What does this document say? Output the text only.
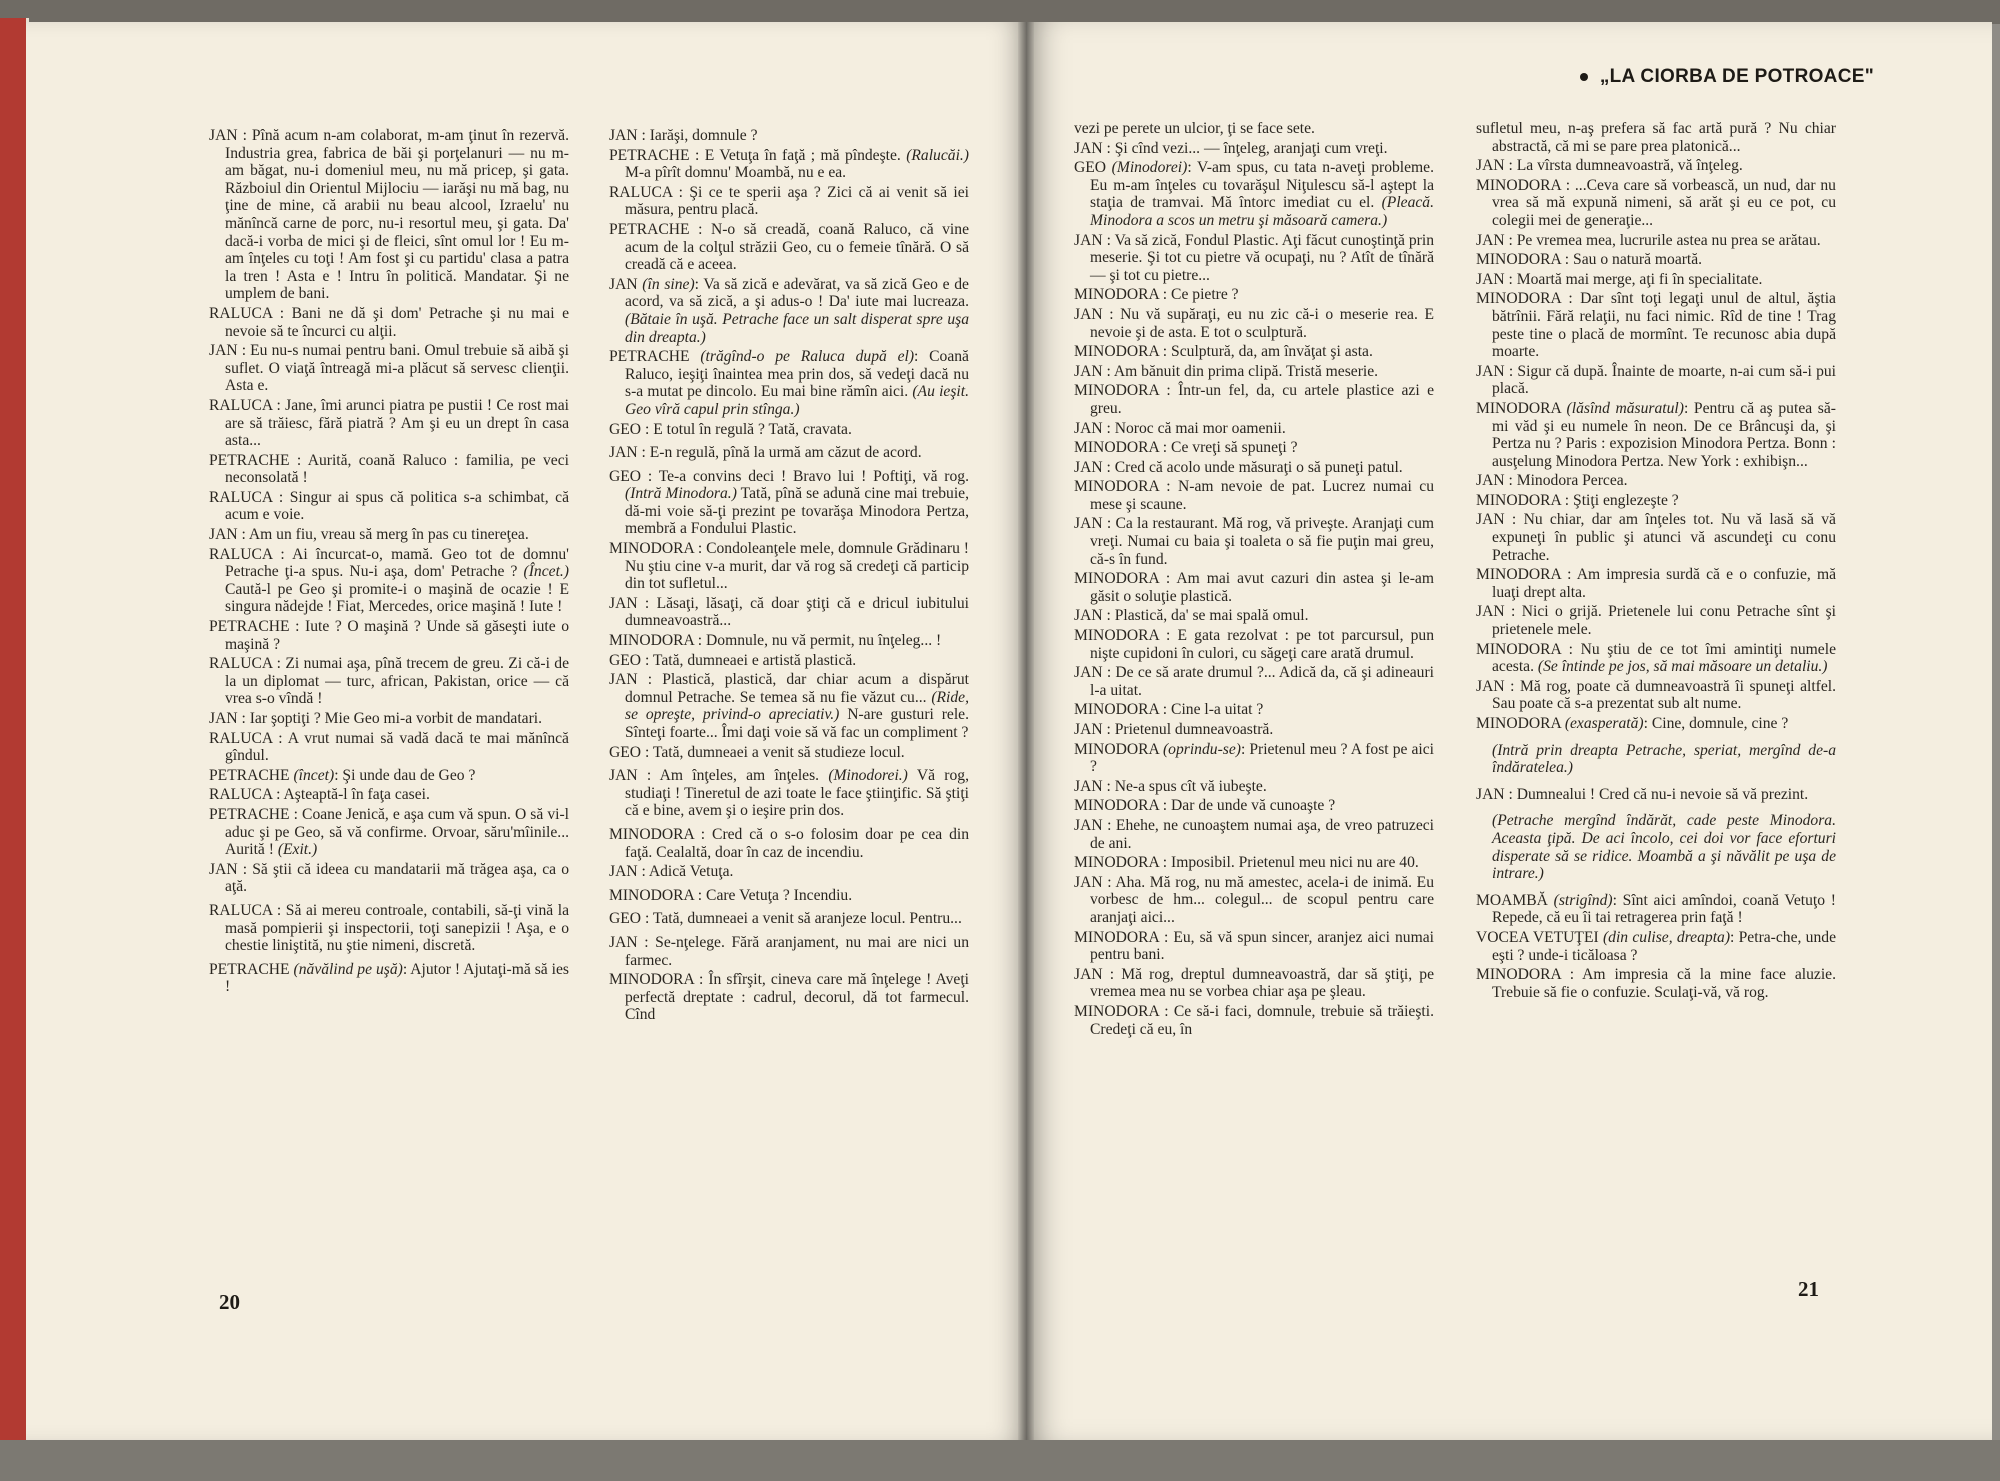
„LA CIORBA DE POTROACE"

JAN : Pînă acum n-am colaborat, m-am ţinut în rezervă. Industria grea, fabrica de băi şi porţelanuri — nu m-am băgat, nu-i domeniul meu, nu mă pricep, şi gata. Războiul din Orientul Mijlociu — iarăşi nu mă bag, nu ţine de mine, că arabii nu beau alcool, Izraelu' nu mănîncă carne de porc, nu-i resortul meu, şi gata. Da' dacă-i vorba de mici şi de fleici, sînt omul lor ! Eu m-am înţeles cu toţi ! Am fost şi cu partidu' clasa a patra la tren ! Asta e ! Intru în politică. Mandatar. Şi ne umplem de bani.

RALUCA : Bani ne dă şi dom' Petrache şi nu mai e nevoie să te încurci cu alţii.

JAN : Eu nu-s numai pentru bani. Omul trebuie să aibă şi suflet. O viaţă întreagă mi-a plăcut să servesc clienţii. Asta e.

RALUCA : Jane, îmi arunci piatra pe pustii ! Ce rost mai are să trăiesc, fără piatră ? Am şi eu un drept în casa asta...

PETRACHE : Aurită, coană Raluco : familia, pe veci neconsolată !

RALUCA : Singur ai spus că politica s-a schimbat, că acum e voie.

JAN : Am un fiu, vreau să merg în pas cu tinereţea.

RALUCA : Ai încurcat-o, mamă. Geo tot de domnu' Petrache ţi-a spus. Nu-i aşa, dom' Petrache ? (Încet.) Caută-l pe Geo şi promite-i o maşină de ocazie ! E singura nădejde ! Fiat, Mercedes, orice maşină ! Iute !

PETRACHE : Iute ? O maşină ? Unde să găseşti iute o maşină ?

RALUCA : Zi numai aşa, pînă trecem de greu. Zi că-i de la un diplomat — turc, african, Pakistan, orice — că vrea s-o vîndă !

JAN : Iar şoptiţi ? Mie Geo mi-a vorbit de mandatari.

RALUCA : A vrut numai să vadă dacă te mai mănîncă gîndul.

PETRACHE (încet): Şi unde dau de Geo ?

RALUCA : Aşteaptă-l în faţa casei.

PETRACHE : Coane Jenică, e aşa cum vă spun. O să vi-l aduc şi pe Geo, să vă confirme. Orvoar, săru'mîinile... Aurită ! (Exit.)

JAN : Să ştii că ideea cu mandatarii mă trăgea aşa, ca o aţă.

RALUCA : Să ai mereu controale, contabili, să-ţi vină la masă pompierii şi inspectorii, toţi sanepizii ! Aşa, e o chestie liniştită, nu ştie nimeni, discretă.

PETRACHE (năvălind pe uşă): Ajutor ! Ajutaţi-mă să ies !

JAN : Iarăşi, domnule ?

PETRACHE : E Vetuţa în faţă ; mă pîndeşte. (Ralucăi.) M-a pîrît domnu' Moambă, nu e ea.

RALUCA : Şi ce te sperii aşa ? Zici că ai venit să iei măsura, pentru placă.

PETRACHE : N-o să creadă, coană Raluco, că vine acum de la colţul străzii Geo, cu o femeie tînără. O să creadă că e aceea.

JAN (în sine): Va să zică e adevărat, va să zică Geo e de acord, va să zică, a şi adus-o ! Da' iute mai lucreaza. (Bătaie în uşă. Petrache face un salt disperat spre uşa din dreapta.)

PETRACHE (trăgînd-o pe Raluca după el): Coană Raluco, ieşiţi înaintea mea prin dos, să vedeţi dacă nu s-a mutat pe dincolo. Eu mai bine rămîn aici. (Au ieşit. Geo vîră capul prin stînga.)

GEO : E totul în regulă ? Tată, cravata.

JAN : E-n regulă, pînă la urmă am căzut de acord.

GEO : Te-a convins deci ! Bravo lui ! Poftiţi, vă rog. (Intră Minodora.) Tată, pînă se adună cine mai trebuie, dă-mi voie să-ţi prezint pe tovarăşa Minodora Pertza, membră a Fondului Plastic.

MINODORA : Condoleanţele mele, domnule Grădinaru ! Nu ştiu cine v-a murit, dar vă rog să credeţi că particip din tot sufletul...

JAN : Lăsaţi, lăsaţi, că doar ştiţi că e dricul iubitului dumneavoastră...

MINODORA : Domnule, nu vă permit, nu înţeleg... !

GEO : Tată, dumneaei e artistă plastică.

JAN : Plastică, plastică, dar chiar acum a dispărut domnul Petrache. Se temea să nu fie văzut cu... (Ride, se opreşte, privind-o apreciativ.) N-are gusturi rele. Sînteţi foarte... Îmi daţi voie să vă fac un compliment ?

GEO : Tată, dumneaei a venit să studieze locul.

JAN : Am înţeles, am înţeles. (Minodorei.) Vă rog, studiaţi ! Tineretul de azi toate le face ştiinţific. Să ştiţi că e bine, avem şi o ieşire prin dos.

MINODORA : Cred că o s-o folosim doar pe cea din faţă. Cealaltă, doar în caz de incendiu.

JAN : Adică Vetuţa.

MINODORA : Care Vetuţa ? Incendiu.

GEO : Tată, dumneaei a venit să aranjeze locul. Pentru...

JAN : Se-nţelege. Fără aranjament, nu mai are nici un farmec.

MINODORA : În sfîrşit, cineva care mă înţelege ! Aveţi perfectă dreptate : cadrul, decorul, dă tot farmecul. Cînd

vezi pe perete un ulcior, ţi se face sete.

JAN : Şi cînd vezi... — înţeleg, aranjaţi cum vreţi.

GEO (Minodorei): V-am spus, cu tata n-aveţi probleme. Eu m-am înţeles cu tovarăşul Niţulescu să-l aştept la staţia de tramvai. Mă întorc imediat cu el. (Pleacă. Minodora a scos un metru şi măsoară camera.)

JAN : Va să zică, Fondul Plastic. Aţi făcut cunoştinţă prin meserie. Şi tot cu pietre vă ocupaţi, nu ? Atît de tînără — şi tot cu pietre...

MINODORA : Ce pietre ?

JAN : Nu vă supăraţi, eu nu zic că-i o meserie rea. E nevoie şi de asta. E tot o sculptură.

MINODORA : Sculptură, da, am învăţat şi asta.

JAN : Am bănuit din prima clipă. Tristă meserie.

MINODORA : Într-un fel, da, cu artele plastice azi e greu.

JAN : Noroc că mai mor oamenii.

MINODORA : Ce vreţi să spuneţi ?

JAN : Cred că acolo unde măsuraţi o să puneţi patul.

MINODORA : N-am nevoie de pat. Lucrez numai cu mese şi scaune.

JAN : Ca la restaurant. Mă rog, vă priveşte. Aranjaţi cum vreţi. Numai cu baia şi toaleta o să fie puţin mai greu, că-s în fund.

MINODORA : Am mai avut cazuri din astea şi le-am găsit o soluţie plastică.

JAN : Plastică, da' se mai spală omul.

MINODORA : E gata rezolvat : pe tot parcursul, pun nişte cupidoni în culori, cu săgeţi care arată drumul.

JAN : De ce să arate drumul ?... Adică da, că şi adineauri l-a uitat.

MINODORA : Cine l-a uitat ?

JAN : Prietenul dumneavoastră.

MINODORA (oprindu-se): Prietenul meu ? A fost pe aici ?

JAN : Ne-a spus cît vă iubeşte.

MINODORA : Dar de unde vă cunoaşte ?

JAN : Ehehe, ne cunoaştem numai aşa, de vreo patruzeci de ani.

MINODORA : Imposibil. Prietenul meu nici nu are 40.

JAN : Aha. Mă rog, nu mă amestec, acela-i de inimă. Eu vorbesc de hm... colegul... de scopul pentru care aranjaţi aici...

MINODORA : Eu, să vă spun sincer, aranjez aici numai pentru bani.

JAN : Mă rog, dreptul dumneavoastră, dar să ştiţi, pe vremea mea nu se vorbea chiar aşa pe şleau.

MINODORA : Ce să-i faci, domnule, trebuie să trăieşti. Credeţi că eu, în

sufletul meu, n-aş prefera să fac artă pură ? Nu chiar abstractă, că mi se pare prea platonică...

JAN : La vîrsta dumneavoastră, vă înţeleg.

MINODORA : ...Ceva care să vorbească, un nud, dar nu vrea să mă expună nimeni, să arăt şi eu ce pot, cu colegii mei de generaţie...

JAN : Pe vremea mea, lucrurile astea nu prea se arătau.

MINODORA : Sau o natură moartă.

JAN : Moartă mai merge, aţi fi în specialitate.

MINODORA : Dar sînt toţi legaţi unul de altul, ăştia bătrînii. Fără relaţii, nu faci nimic. Rîd de tine ! Trag peste tine o placă de mormînt. Te recunosc abia după moarte.

JAN : Sigur că după. Înainte de moarte, n-ai cum să-i pui placă.

MINODORA (lăsînd măsuratul): Pentru că aş putea să-mi văd şi eu numele în neon. De ce Brâncuşi da, şi Pertza nu ? Paris : expozision Minodora Pertza. Bonn : ausţelung Minodora Pertza. New York : exhibişn...

JAN : Minodora Percea.

MINODORA : Ştiţi englezeşte ?

JAN : Nu chiar, dar am înţeles tot. Nu vă lasă să vă expuneţi în public şi atunci vă ascundeţi cu conu Petrache.

MINODORA : Am impresia surdă că e o confuzie, mă luaţi drept alta.

JAN : Nici o grijă. Prietenele lui conu Petrache sînt şi prietenele mele.

MINODORA : Nu ştiu de ce tot îmi amintiţi numele acesta. (Se întinde pe jos, să mai măsoare un detaliu.)

JAN : Mă rog, poate că dumneavoastră îi spuneţi altfel. Sau poate că s-a prezentat sub alt nume.

MINODORA (exasperată): Cine, domnule, cine ?

(Intră prin dreapta Petrache, speriat, mergînd de-a îndăratelea.)

JAN : Dumnealui ! Cred că nu-i nevoie să vă prezint.

(Petrache mergînd îndărăt, cade peste Minodora. Aceasta ţipă. De aci încolo, cei doi vor face eforturi disperate să se ridice. Moambă a şi năvălit pe uşa de intrare.)

MOAMBĂ (strigînd): Sînt aici amîndoi, coană Vetuţo ! Repede, că eu îi tai retragerea prin faţă !

VOCEA VETUŢEI (din culise, dreapta): Petra-che, unde eşti ? unde-i ticăloasa ?

MINODORA : Am impresia că la mine face aluzie. Trebuie să fie o confuzie. Sculaţi-vă, vă rog.

20
21
